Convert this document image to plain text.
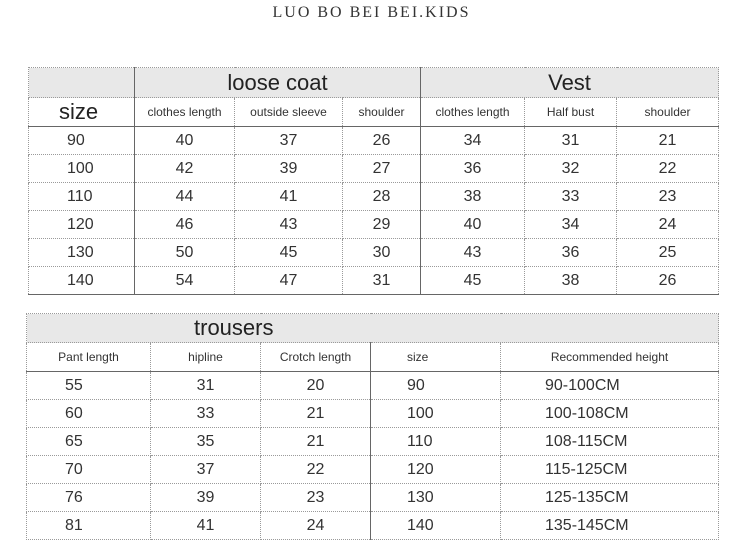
LUO BO BEI BEI.KIDS
	loose coat			Vest		
size	clothes length	outside sleeve	shoulder	clothes length	Half bust	shoulder
90	40	37	26	34	31	21
100	42	39	27	36	32	22
110	44	41	28	38	33	23
120	46	43	29	40	34	24
130	50	45	30	43	36	25
140	54	47	31	45	38	26
trousers				
Pant length	hipline	Crotch length	size	Recommended height
55	31	20	90	90-100CM
60	33	21	100	100-108CM
65	35	21	110	108-115CM
70	37	22	120	115-125CM
76	39	23	130	125-135CM
81	41	24	140	135-145CM
